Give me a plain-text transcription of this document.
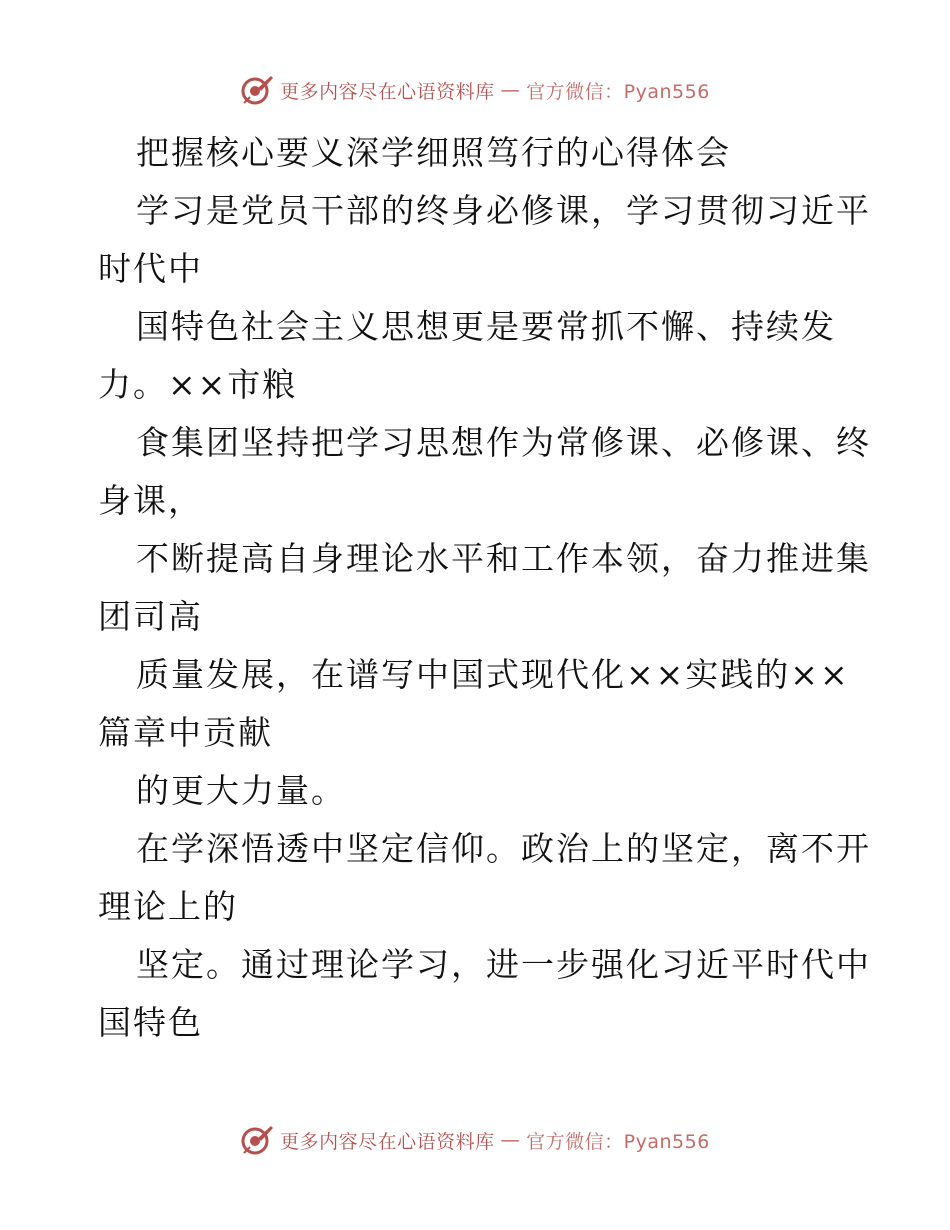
更多内容尽在心语资料库 — 官方微信：Pyan556
把握核心要义深学细照笃行的心得体会
学习是党员干部的终身必修课，学习贯彻习近平
时代中
国特色社会主义思想更是要常抓不懈、持续发
力。××市粮
食集团坚持把学习思想作为常修课、必修课、终
身课，
不断提高自身理论水平和工作本领，奋力推进集
团司高
质量发展，在谱写中国式现代化××实践的××
篇章中贡献
的更大力量。
在学深悟透中坚定信仰。政治上的坚定，离不开
理论上的
坚定。通过理论学习，进一步强化习近平时代中
国特色
更多内容尽在心语资料库 — 官方微信：Pyan556
